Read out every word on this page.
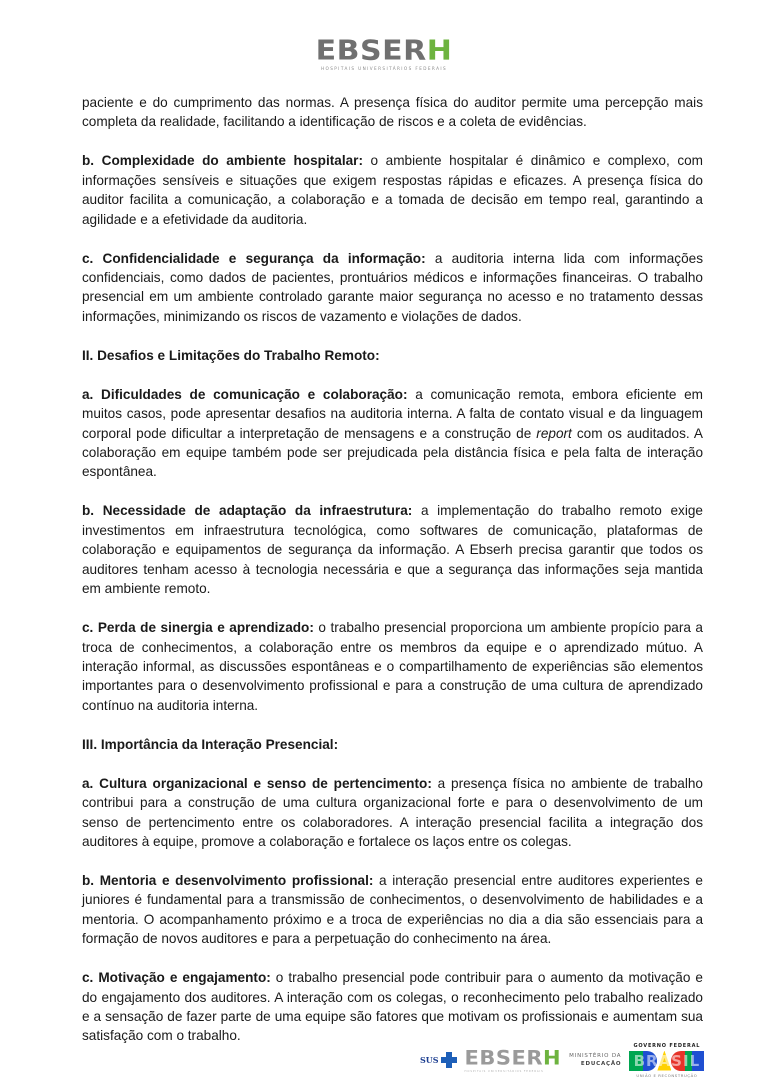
EBSERH
HOSPITAIS UNIVERSITÁRIOS FEDERAIS

paciente e do cumprimento das normas. A presença física do auditor permite uma percepção mais completa da realidade, facilitando a identificação de riscos e a coleta de evidências.

b. Complexidade do ambiente hospitalar: o ambiente hospitalar é dinâmico e complexo, com informações sensíveis e situações que exigem respostas rápidas e eficazes. A presença física do auditor facilita a comunicação, a colaboração e a tomada de decisão em tempo real, garantindo a agilidade e a efetividade da auditoria.

c. Confidencialidade e segurança da informação: a auditoria interna lida com informações confidenciais, como dados de pacientes, prontuários médicos e informações financeiras. O trabalho presencial em um ambiente controlado garante maior segurança no acesso e no tratamento dessas informações, minimizando os riscos de vazamento e violações de dados.

II. Desafios e Limitações do Trabalho Remoto:

a. Dificuldades de comunicação e colaboração: a comunicação remota, embora eficiente em muitos casos, pode apresentar desafios na auditoria interna. A falta de contato visual e da linguagem corporal pode dificultar a interpretação de mensagens e a construção de report com os auditados. A colaboração em equipe também pode ser prejudicada pela distância física e pela falta de interação espontânea.

b. Necessidade de adaptação da infraestrutura: a implementação do trabalho remoto exige investimentos em infraestrutura tecnológica, como softwares de comunicação, plataformas de colaboração e equipamentos de segurança da informação. A Ebserh precisa garantir que todos os auditores tenham acesso à tecnologia necessária e que a segurança das informações seja mantida em ambiente remoto.

c. Perda de sinergia e aprendizado: o trabalho presencial proporciona um ambiente propício para a troca de conhecimentos, a colaboração entre os membros da equipe e o aprendizado mútuo. A interação informal, as discussões espontâneas e o compartilhamento de experiências são elementos importantes para o desenvolvimento profissional e para a construção de uma cultura de aprendizado contínuo na auditoria interna.

III. Importância da Interação Presencial:

a. Cultura organizacional e senso de pertencimento: a presença física no ambiente de trabalho contribui para a construção de uma cultura organizacional forte e para o desenvolvimento de um senso de pertencimento entre os colaboradores. A interação presencial facilita a integração dos auditores à equipe, promove a colaboração e fortalece os laços entre os colegas.

b. Mentoria e desenvolvimento profissional: a interação presencial entre auditores experientes e juniores é fundamental para a transmissão de conhecimentos, o desenvolvimento de habilidades e a mentoria. O acompanhamento próximo e a troca de experiências no dia a dia são essenciais para a formação de novos auditores e para a perpetuação do conhecimento na área.

c. Motivação e engajamento: o trabalho presencial pode contribuir para o aumento da motivação e do engajamento dos auditores. A interação com os colegas, o reconhecimento pelo trabalho realizado e a sensação de fazer parte de uma equipe são fatores que motivam os profissionais e aumentam sua satisfação com o trabalho.

SUS EBSERH
HOSPITAIS UNIVERSITÁRIOS FEDERAIS
MINISTÉRIO DA
EDUCAÇÃO
GOVERNO FEDERAL
BRASIL
UNIÃO E RECONSTRUÇÃO
